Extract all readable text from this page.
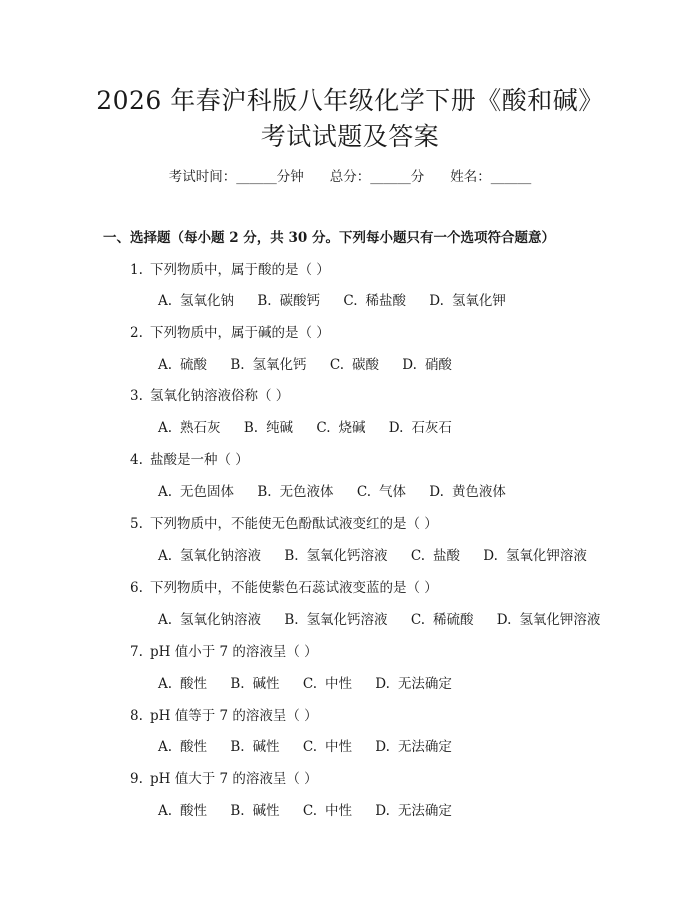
2026 年春沪科版八年级化学下册《酸和碱》
考试试题及答案
考试时间：______分钟 总分：______分 姓名：______
一、选择题（每小题 2 分，共 30 分。下列每小题只有一个选项符合题意）
1. 下列物质中，属于酸的是（ ）
A. 氢氧化钠 B. 碳酸钙 C. 稀盐酸 D. 氢氧化钾
2. 下列物质中，属于碱的是（ ）
A. 硫酸 B. 氢氧化钙 C. 碳酸 D. 硝酸
3. 氢氧化钠溶液俗称（ ）
A. 熟石灰 B. 纯碱 C. 烧碱 D. 石灰石
4. 盐酸是一种（ ）
A. 无色固体 B. 无色液体 C. 气体 D. 黄色液体
5. 下列物质中，不能使无色酚酞试液变红的是（ ）
A. 氢氧化钠溶液 B. 氢氧化钙溶液 C. 盐酸 D. 氢氧化钾溶液
6. 下列物质中，不能使紫色石蕊试液变蓝的是（ ）
A. 氢氧化钠溶液 B. 氢氧化钙溶液 C. 稀硫酸 D. 氢氧化钾溶液
7. pH 值小于 7 的溶液呈（ ）
A. 酸性 B. 碱性 C. 中性 D. 无法确定
8. pH 值等于 7 的溶液呈（ ）
A. 酸性 B. 碱性 C. 中性 D. 无法确定
9. pH 值大于 7 的溶液呈（ ）
A. 酸性 B. 碱性 C. 中性 D. 无法确定
